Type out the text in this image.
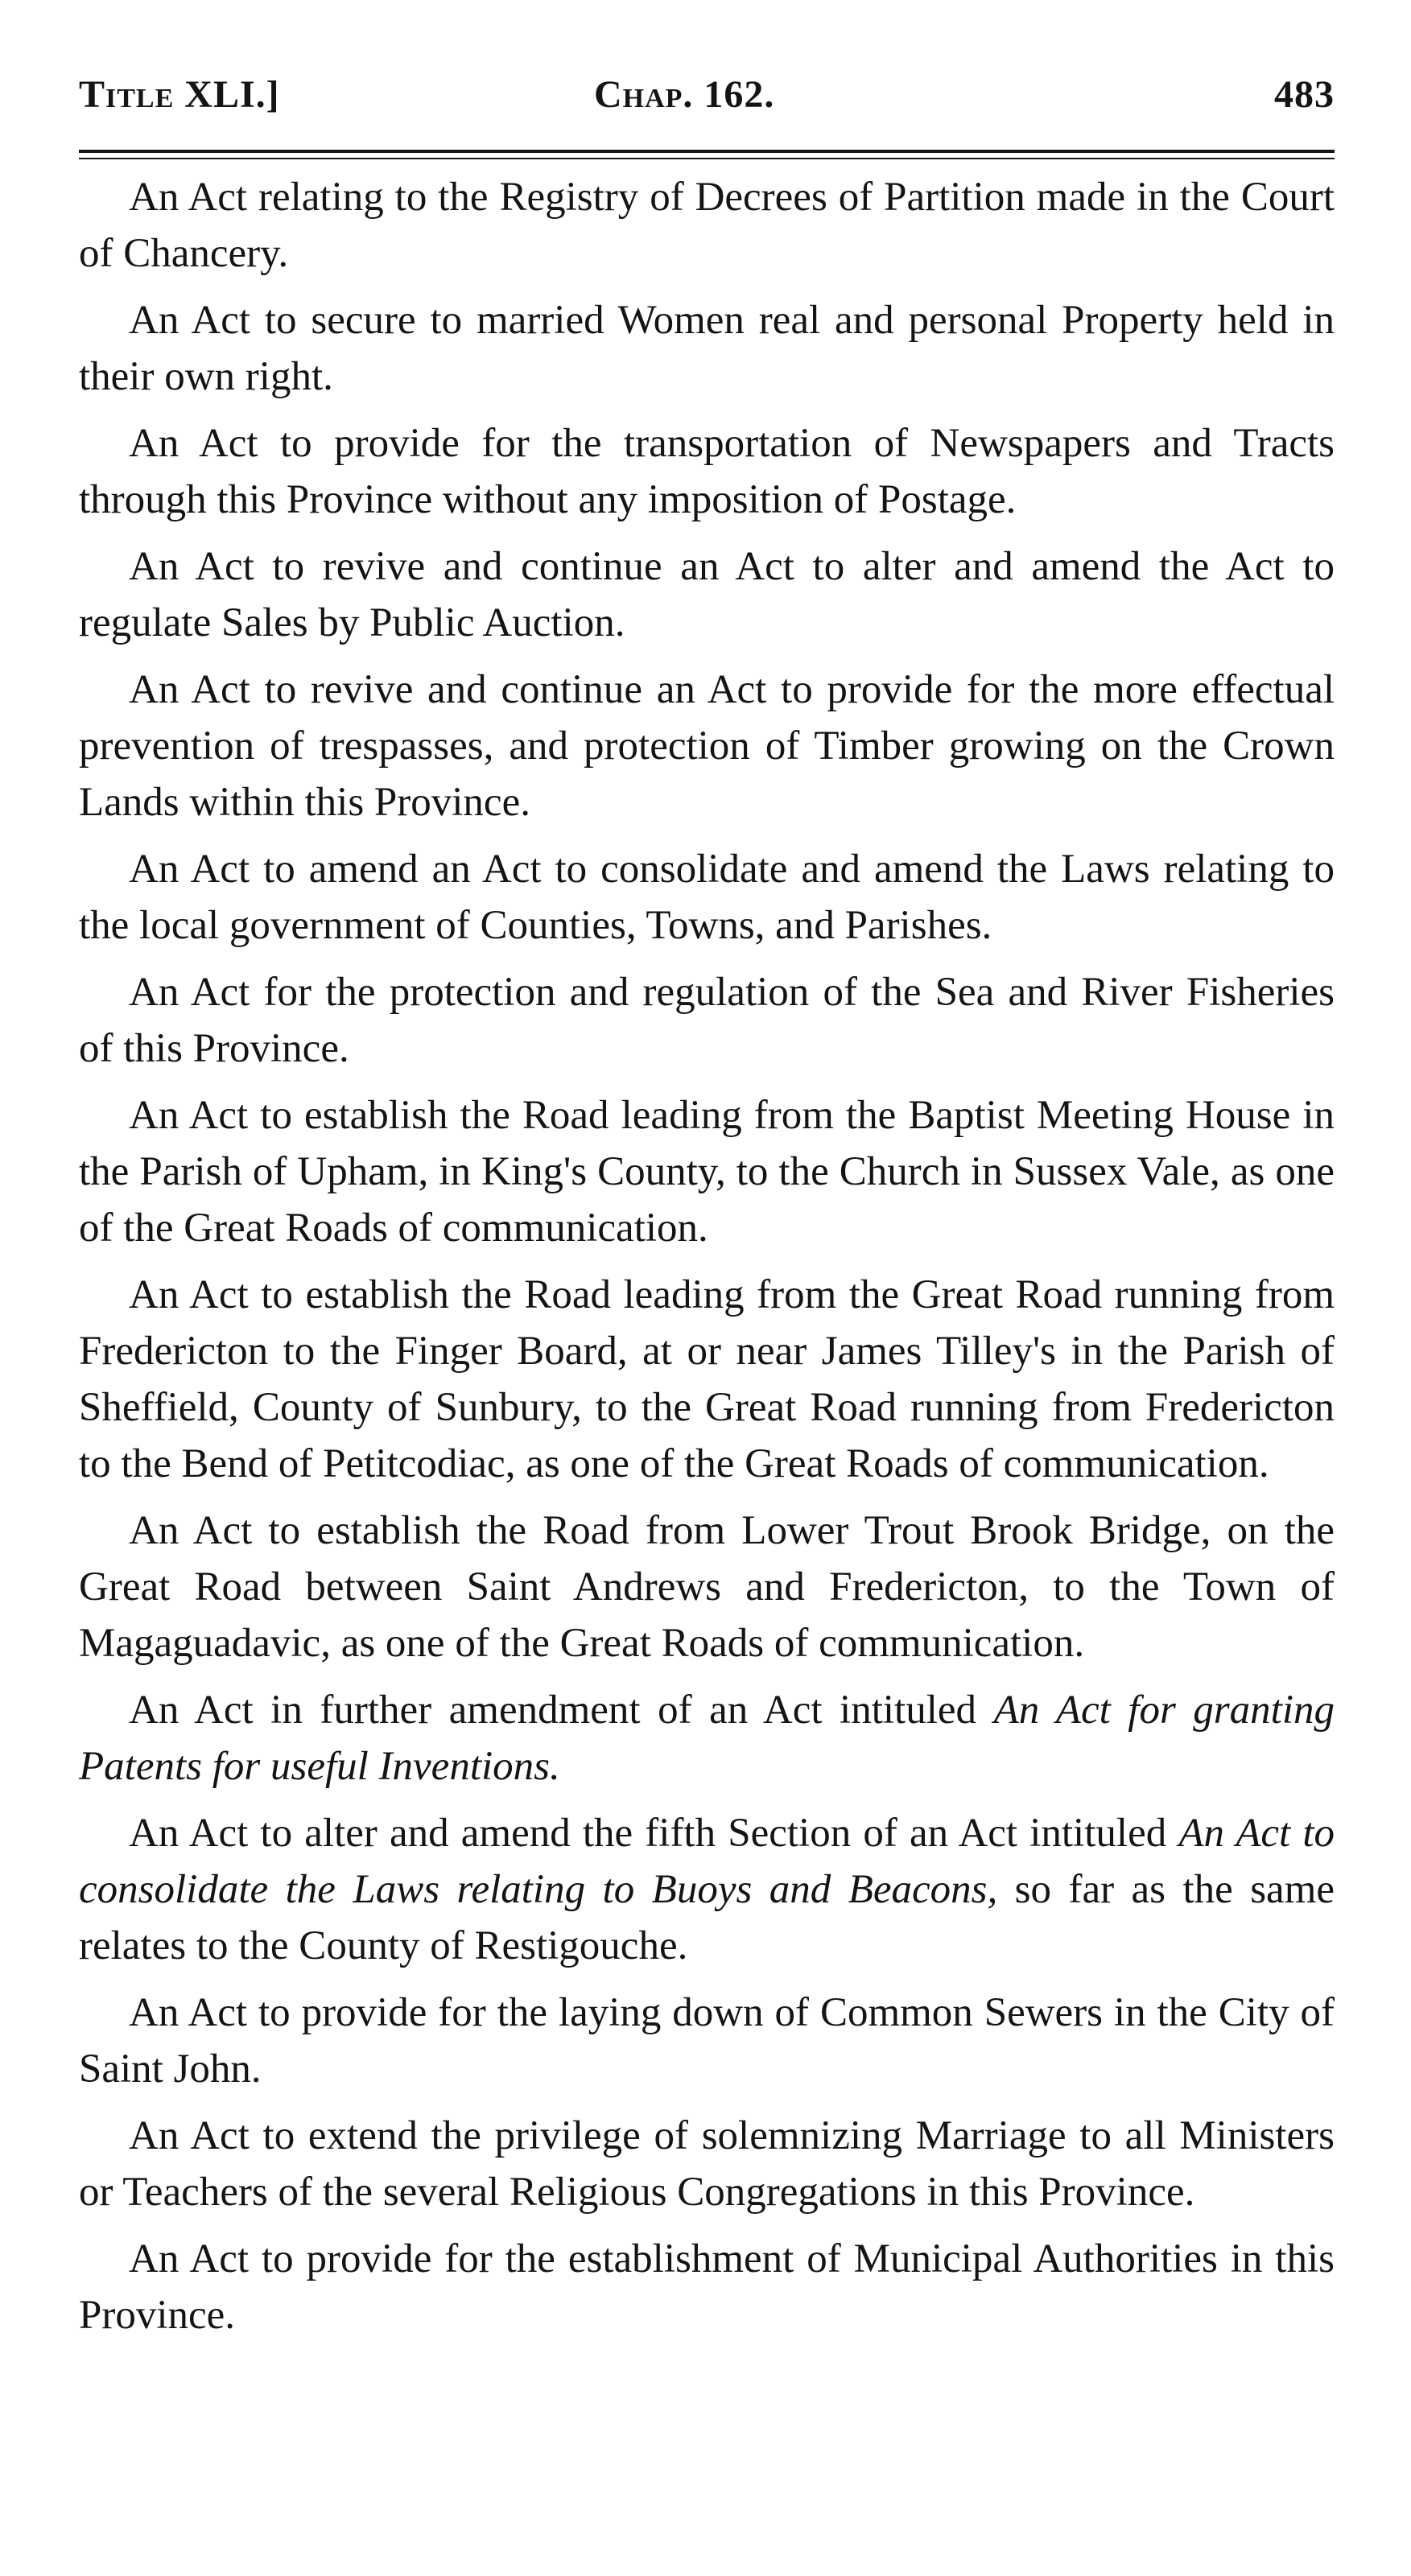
Title XLI.]	Chap. 162.	483

An Act relating to the Registry of Decrees of Partition made in the Court of Chancery.

An Act to secure to married Women real and personal Property held in their own right.

An Act to provide for the transportation of Newspapers and Tracts through this Province without any imposition of Postage.

An Act to revive and continue an Act to alter and amend the Act to regulate Sales by Public Auction.

An Act to revive and continue an Act to provide for the more effectual prevention of trespasses, and protection of Timber growing on the Crown Lands within this Province.

An Act to amend an Act to consolidate and amend the Laws relating to the local government of Counties, Towns, and Parishes.

An Act for the protection and regulation of the Sea and River Fisheries of this Province.

An Act to establish the Road leading from the Baptist Meeting House in the Parish of Upham, in King's County, to the Church in Sussex Vale, as one of the Great Roads of communication.

An Act to establish the Road leading from the Great Road running from Fredericton to the Finger Board, at or near James Tilley's in the Parish of Sheffield, County of Sunbury, to the Great Road running from Fredericton to the Bend of Petitcodiac, as one of the Great Roads of communication.

An Act to establish the Road from Lower Trout Brook Bridge, on the Great Road between Saint Andrews and Fredericton, to the Town of Magaguadavic, as one of the Great Roads of communication.

An Act in further amendment of an Act intituled An Act for granting Patents for useful Inventions.

An Act to alter and amend the fifth Section of an Act intituled An Act to consolidate the Laws relating to Buoys and Beacons, so far as the same relates to the County of Restigouche.

An Act to provide for the laying down of Common Sewers in the City of Saint John.

An Act to extend the privilege of solemnizing Marriage to all Ministers or Teachers of the several Religious Congregations in this Province.

An Act to provide for the establishment of Municipal Authorities in this Province.
